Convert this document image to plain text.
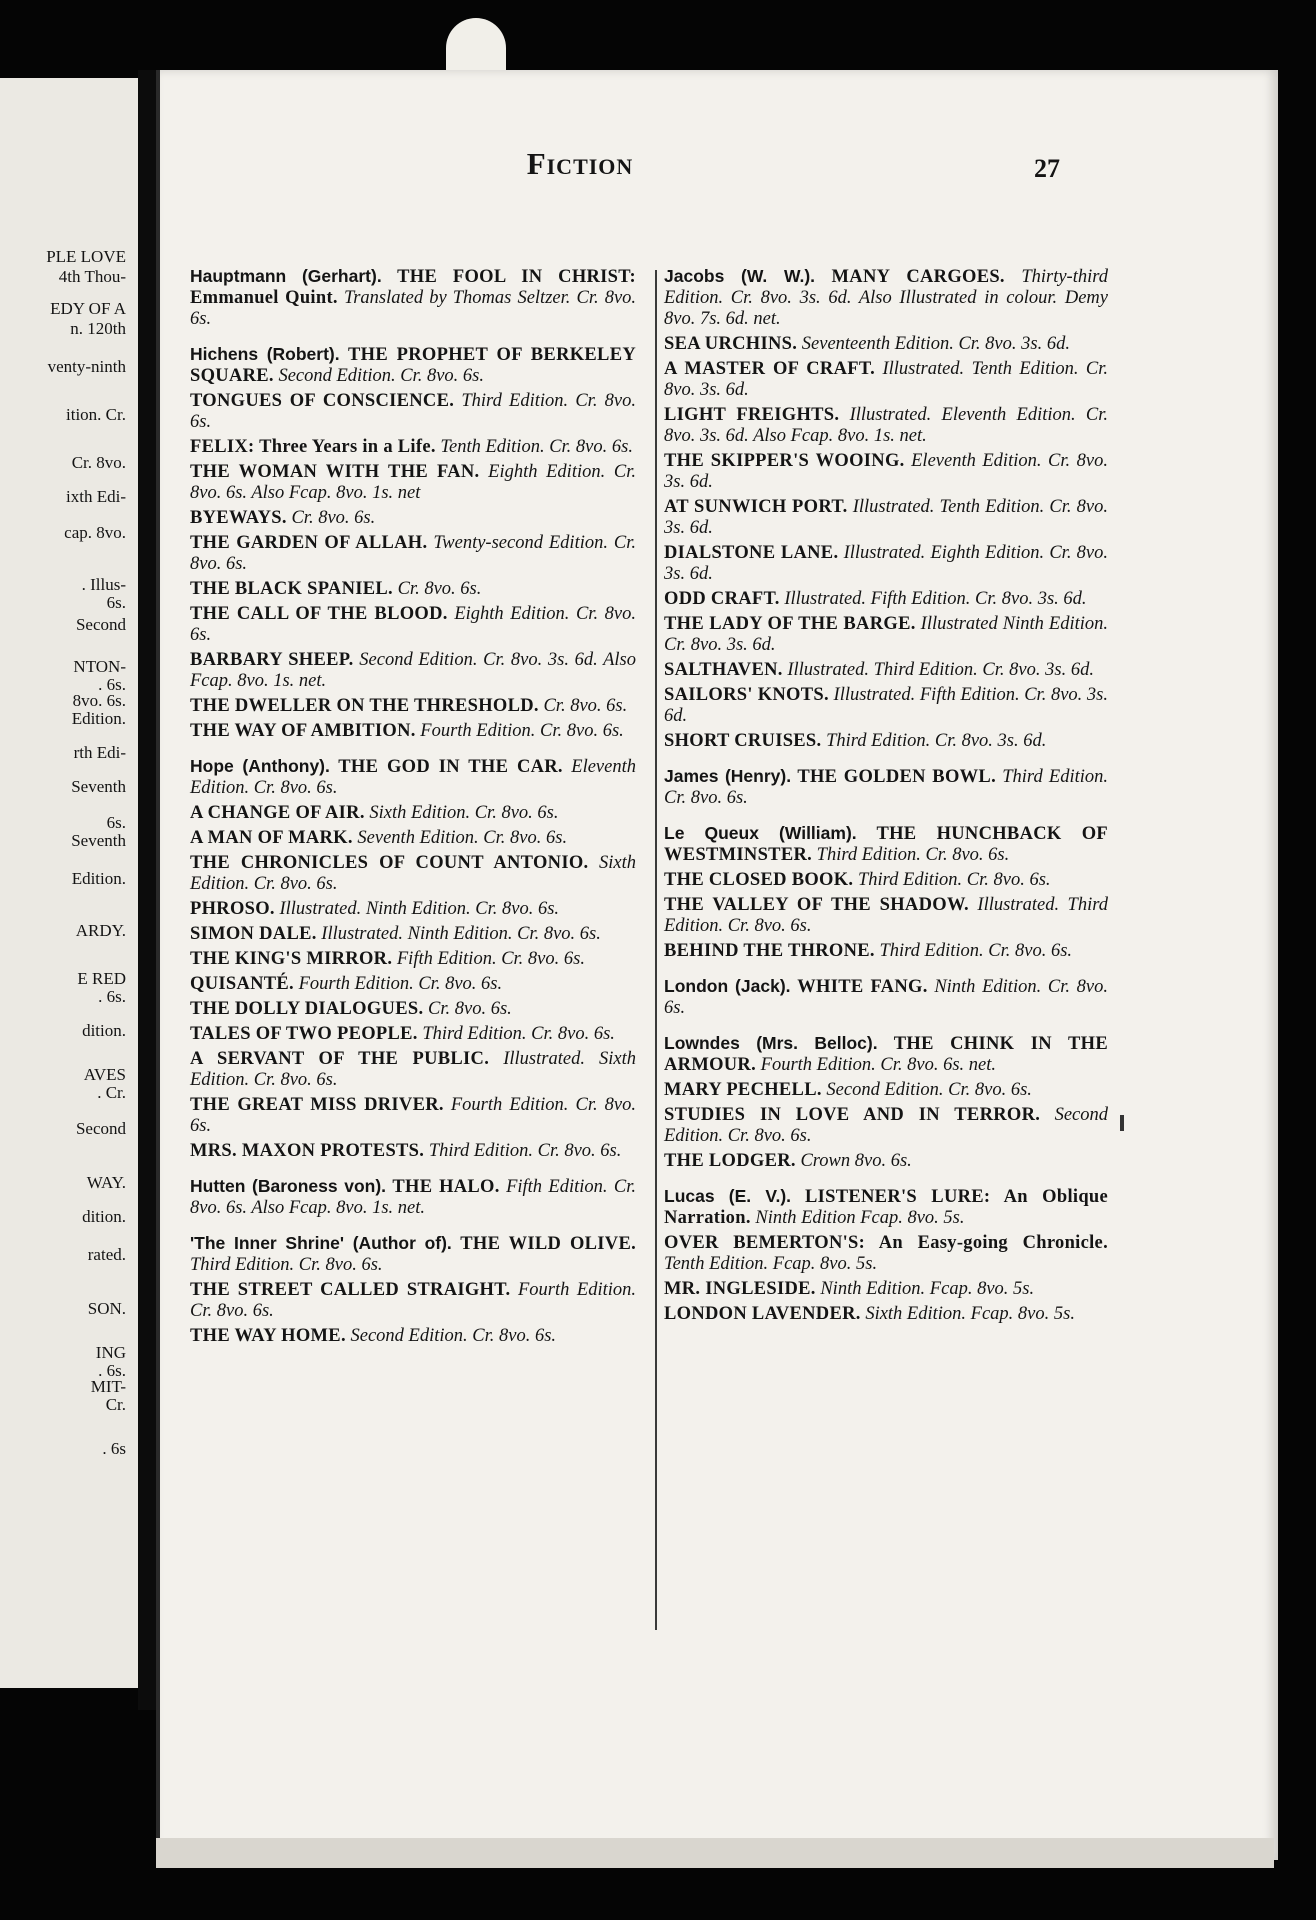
PLE LOVE
4th Thou-
EDY OF A
n. 120th
venty-ninth
ition. Cr.
Cr. 8vo.
ixth Edi-
cap. 8vo.
. Illus-
6s.
Second
NTON-
. 6s.
8vo. 6s.
Edition.
rth Edi-
Seventh
6s.
Seventh
Edition.
ARDY.
E RED
. 6s.
dition.
AVES
. Cr.
Second
WAY.
dition.
rated.
SON.
ING
. 6s.
MIT-
Cr.
. 6s
Fiction	27
Hauptmann (Gerhart). THE FOOL IN CHRIST: Emmanuel Quint. Translated by Thomas Seltzer. Cr. 8vo. 6s.
Hichens (Robert). THE PROPHET OF BERKELEY SQUARE. Second Edition. Cr. 8vo. 6s.
TONGUES OF CONSCIENCE. Third Edition. Cr. 8vo. 6s.
FELIX: Three Years in a Life. Tenth Edition. Cr. 8vo. 6s.
THE WOMAN WITH THE FAN. Eighth Edition. Cr. 8vo. 6s. Also Fcap. 8vo. 1s. net
BYEWAYS. Cr. 8vo. 6s.
THE GARDEN OF ALLAH. Twenty-second Edition. Cr. 8vo. 6s.
THE BLACK SPANIEL. Cr. 8vo. 6s.
THE CALL OF THE BLOOD. Eighth Edition. Cr. 8vo. 6s.
BARBARY SHEEP. Second Edition. Cr. 8vo. 3s. 6d. Also Fcap. 8vo. 1s. net.
THE DWELLER ON THE THRESHOLD. Cr. 8vo. 6s.
THE WAY OF AMBITION. Fourth Edition. Cr. 8vo. 6s.
Hope (Anthony). THE GOD IN THE CAR. Eleventh Edition. Cr. 8vo. 6s.
A CHANGE OF AIR. Sixth Edition. Cr. 8vo. 6s.
A MAN OF MARK. Seventh Edition. Cr. 8vo. 6s.
THE CHRONICLES OF COUNT ANTONIO. Sixth Edition. Cr. 8vo. 6s.
PHROSO. Illustrated. Ninth Edition. Cr. 8vo. 6s.
SIMON DALE. Illustrated. Ninth Edition. Cr. 8vo. 6s.
THE KING'S MIRROR. Fifth Edition. Cr. 8vo. 6s.
QUISANTÉ. Fourth Edition. Cr. 8vo. 6s.
THE DOLLY DIALOGUES. Cr. 8vo. 6s.
TALES OF TWO PEOPLE. Third Edition. Cr. 8vo. 6s.
A SERVANT OF THE PUBLIC. Illustrated. Sixth Edition. Cr. 8vo. 6s.
THE GREAT MISS DRIVER. Fourth Edition. Cr. 8vo. 6s.
MRS. MAXON PROTESTS. Third Edition. Cr. 8vo. 6s.
Hutten (Baroness von). THE HALO. Fifth Edition. Cr. 8vo. 6s. Also Fcap. 8vo. 1s. net.
'The Inner Shrine' (Author of). THE WILD OLIVE. Third Edition. Cr. 8vo. 6s.
THE STREET CALLED STRAIGHT. Fourth Edition. Cr. 8vo. 6s.
THE WAY HOME. Second Edition. Cr. 8vo. 6s.
Jacobs (W. W.). MANY CARGOES. Thirty-third Edition. Cr. 8vo. 3s. 6d. Also Illustrated in colour. Demy 8vo. 7s. 6d. net.
SEA URCHINS. Seventeenth Edition. Cr. 8vo. 3s. 6d.
A MASTER OF CRAFT. Illustrated. Tenth Edition. Cr. 8vo. 3s. 6d.
LIGHT FREIGHTS. Illustrated. Eleventh Edition. Cr. 8vo. 3s. 6d. Also Fcap. 8vo. 1s. net.
THE SKIPPER'S WOOING. Eleventh Edition. Cr. 8vo. 3s. 6d.
AT SUNWICH PORT. Illustrated. Tenth Edition. Cr. 8vo. 3s. 6d.
DIALSTONE LANE. Illustrated. Eighth Edition. Cr. 8vo. 3s. 6d.
ODD CRAFT. Illustrated. Fifth Edition. Cr. 8vo. 3s. 6d.
THE LADY OF THE BARGE. Illustrated Ninth Edition. Cr. 8vo. 3s. 6d.
SALTHAVEN. Illustrated. Third Edition. Cr. 8vo. 3s. 6d.
SAILORS' KNOTS. Illustrated. Fifth Edition. Cr. 8vo. 3s. 6d.
SHORT CRUISES. Third Edition. Cr. 8vo. 3s. 6d.
James (Henry). THE GOLDEN BOWL. Third Edition. Cr. 8vo. 6s.
Le Queux (William). THE HUNCHBACK OF WESTMINSTER. Third Edition. Cr. 8vo. 6s.
THE CLOSED BOOK. Third Edition. Cr. 8vo. 6s.
THE VALLEY OF THE SHADOW. Illustrated. Third Edition. Cr. 8vo. 6s.
BEHIND THE THRONE. Third Edition. Cr. 8vo. 6s.
London (Jack). WHITE FANG. Ninth Edition. Cr. 8vo. 6s.
Lowndes (Mrs. Belloc). THE CHINK IN THE ARMOUR. Fourth Edition. Cr. 8vo. 6s. net.
MARY PECHELL. Second Edition. Cr. 8vo. 6s.
STUDIES IN LOVE AND IN TERROR. Second Edition. Cr. 8vo. 6s.
THE LODGER. Crown 8vo. 6s.
Lucas (E. V.). LISTENER'S LURE: An Oblique Narration. Ninth Edition Fcap. 8vo. 5s.
OVER BEMERTON'S: An Easy-going Chronicle. Tenth Edition. Fcap. 8vo. 5s.
MR. INGLESIDE. Ninth Edition. Fcap. 8vo. 5s.
LONDON LAVENDER. Sixth Edition. Fcap. 8vo. 5s.
